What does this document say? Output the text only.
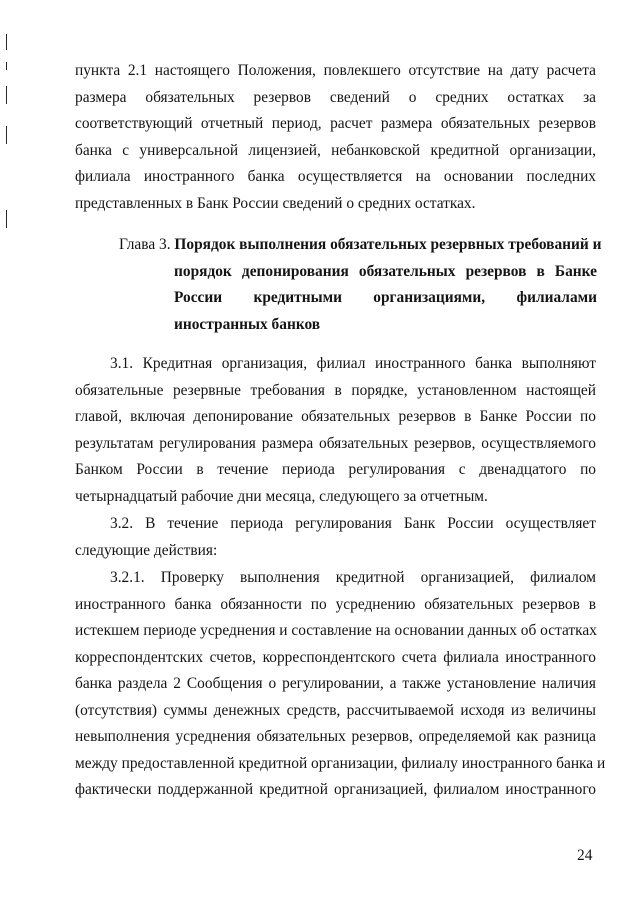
пункта 2.1 настоящего Положения, повлекшего отсутствие на дату расчета
размера обязательных резервов сведений о средних остатках за
соответствующий отчетный период, расчет размера обязательных резервов
банка с универсальной лицензией, небанковской кредитной организации,
филиала иностранного банка осуществляется на основании последних
представленных в Банк России сведений о средних остатках.
Глава 3. Порядок выполнения обязательных резервных требований и
порядок депонирования обязательных резервов в Банке
России кредитными организациями, филиалами
иностранных банков
3.1. Кредитная организация, филиал иностранного банка выполняют
обязательные резервные требования в порядке, установленном настоящей
главой, включая депонирование обязательных резервов в Банке России по
результатам регулирования размера обязательных резервов, осуществляемого
Банком России в течение периода регулирования с двенадцатого по
четырнадцатый рабочие дни месяца, следующего за отчетным.
3.2. В течение периода регулирования Банк России осуществляет
следующие действия:
3.2.1. Проверку выполнения кредитной организацией, филиалом
иностранного банка обязанности по усреднению обязательных резервов в
истекшем периоде усреднения и составление на основании данных об остатках
корреспондентских счетов, корреспондентского счета филиала иностранного
банка раздела 2 Сообщения о регулировании, а также установление наличия
(отсутствия) суммы денежных средств, рассчитываемой исходя из величины
невыполнения усреднения обязательных резервов, определяемой как разница
между предоставленной кредитной организации, филиалу иностранного банка и
фактически поддержанной кредитной организацией, филиалом иностранного
24
